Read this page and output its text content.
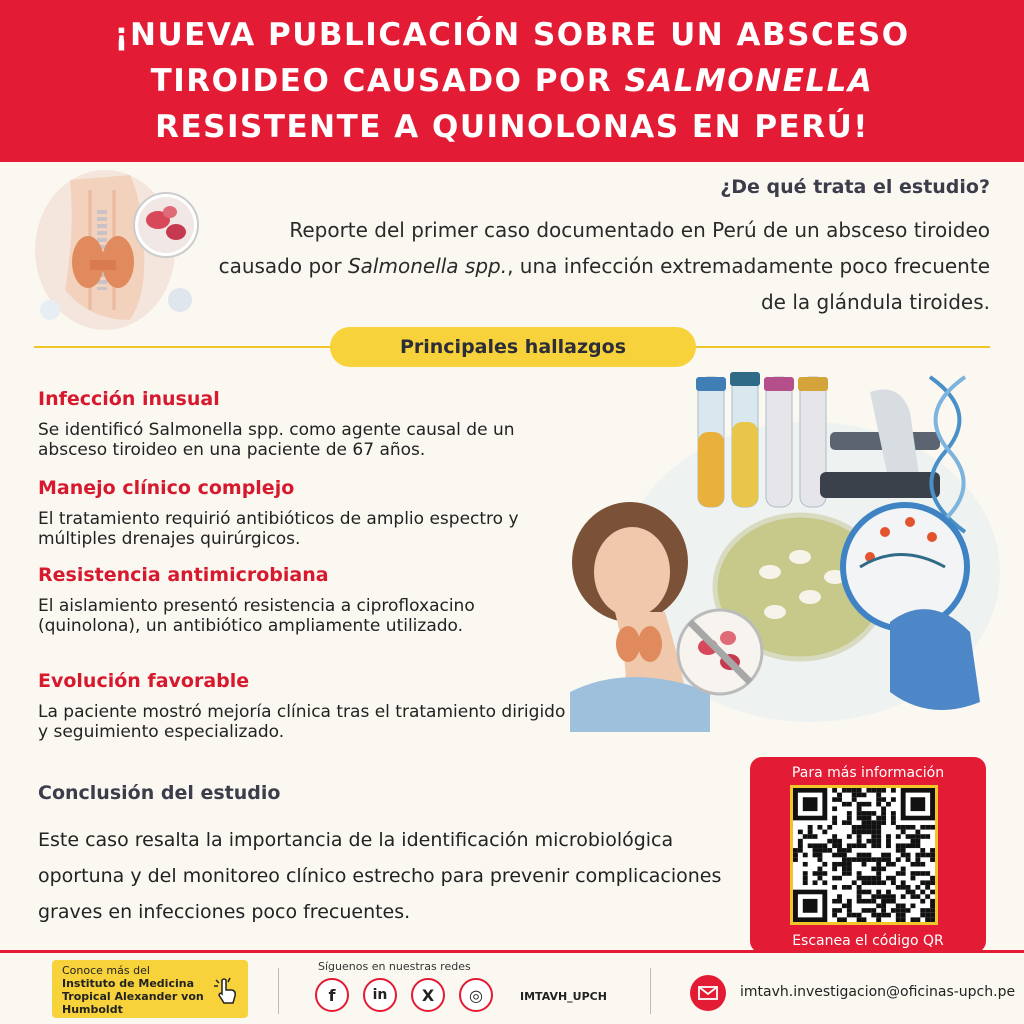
¡NUEVA PUBLICACIÓN SOBRE UN ABSCESO
TIROIDEO CAUSADO POR SALMONELLA
RESISTENTE A QUINOLONAS EN PERÚ!
¿De qué trata el estudio?
Reporte del primer caso documentado en Perú de un absceso tiroideo causado por Salmonella spp., una infección extremadamente poco frecuente de la glándula tiroides.
Principales hallazgos
Infección inusual

Se identificó Salmonella spp. como agente causal de un absceso tiroideo en una paciente de 67 años.

Manejo clínico complejo

El tratamiento requirió antibióticos de amplio espectro y múltiples drenajes quirúrgicos.

Resistencia antimicrobiana

El aislamiento presentó resistencia a ciprofloxacino (quinolona), un antibiótico ampliamente utilizado.

Evolución favorable

La paciente mostró mejoría clínica tras el tratamiento dirigido y seguimiento especializado.

Conclusión del estudio
Este caso resalta la importancia de la identificación microbiológica oportuna y del monitoreo clínico estrecho para prevenir complicaciones graves en infecciones poco frecuentes.
Para más información
Escanea el código QR
Conoce más del
Instituto de Medicina Tropical Alexander von Humboldt
Síguenos en nuestras redes
f	in	X	◎	IMTAVH_UPCH	imtavh.investigacion@oficinas-upch.pe
